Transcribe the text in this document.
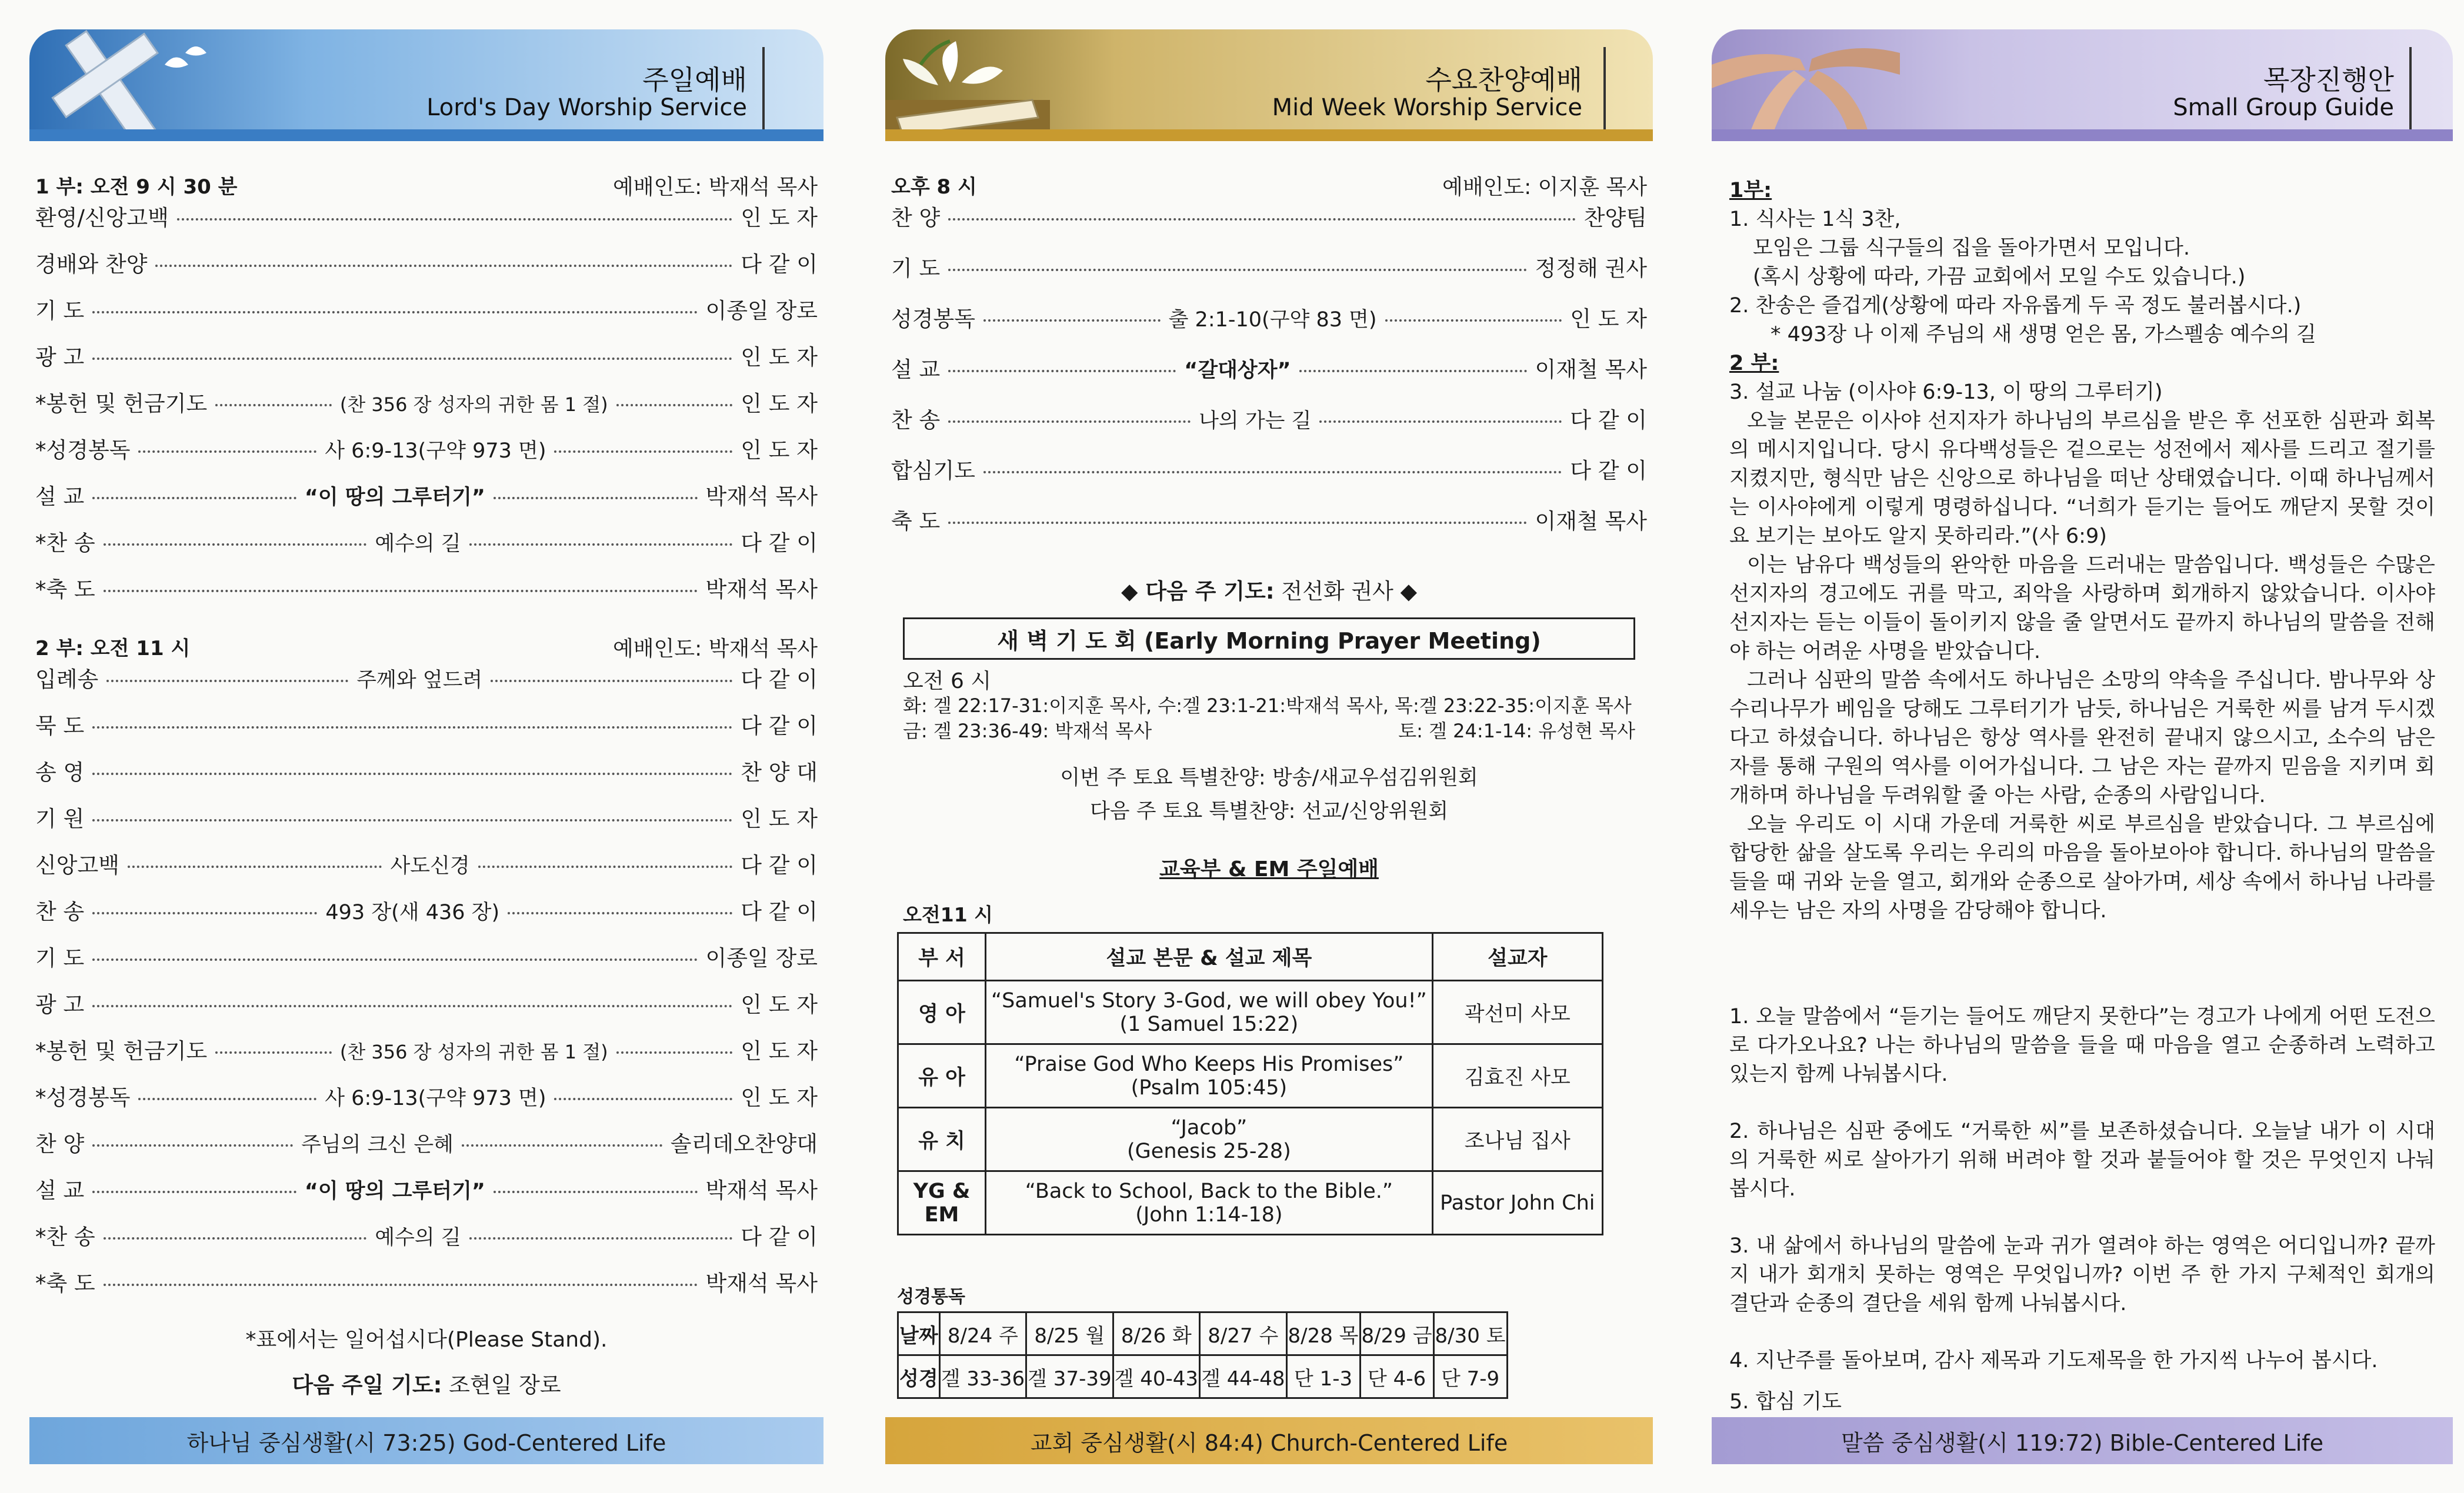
주일예배
Lord's Day Worship Service
1 부: 오전 9 시 30 분	예배인도: 박재석 목사
환영/신앙고백	인 도 자
경배와 찬양	다 같 이
기 도	이종일 장로
광 고	인 도 자
*봉헌 및 헌금기도	(찬 356 장 성자의 귀한 몸 1 절)	인 도 자
*성경봉독	사 6:9-13(구약 973 면)	인 도 자
설 교	“이 땅의 그루터기”	박재석 목사
*찬 송	예수의 길	다 같 이
*축 도	박재석 목사
2 부: 오전 11 시	예배인도: 박재석 목사
입례송	주께와 엎드려	다 같 이
묵 도	다 같 이
송 영	찬 양 대
기 원	인 도 자
신앙고백	사도신경	다 같 이
찬 송	493 장(새 436 장)	다 같 이
기 도	이종일 장로
광 고	인 도 자
*봉헌 및 헌금기도	(찬 356 장 성자의 귀한 몸 1 절)	인 도 자
*성경봉독	사 6:9-13(구약 973 면)	인 도 자
찬 양	주님의 크신 은혜	솔리데오찬양대
설 교	“이 땅의 그루터기”	박재석 목사
*찬 송	예수의 길	다 같 이
*축 도	박재석 목사
*표에서는 일어섭시다(Please Stand).
다음 주일 기도: 조현일 장로
하나님 중심생활(시 73:25) God-Centered Life
수요찬양예배
Mid Week Worship Service
오후 8 시	예배인도: 이지훈 목사
찬 양	찬양팀
기 도	정정해 권사
성경봉독	출 2:1-10(구약 83 면)	인 도 자
설 교	“갈대상자”	이재철 목사
찬 송	나의 가는 길	다 같 이
합심기도	다 같 이
축 도	이재철 목사
◆ 다음 주 기도: 전선화 권사 ◆
새 벽 기 도 회 (Early Morning Prayer Meeting)
오전 6 시
화: 겔 22:17-31:이지훈 목사, 수:겔 23:1-21:박재석 목사, 목:겔 23:22-35:이지훈 목사
금: 겔 23:36-49: 박재석 목사	토: 겔 24:1-14: 유성현 목사
이번 주 토요 특별찬양: 방송/새교우섬김위원회
다음 주 토요 특별찬양: 선교/신앙위원회
교육부 & EM 주일예배
오전11 시
부 서	설교 본문 & 설교 제목	설교자
영 아	“Samuel's Story 3-God, we will obey You!”
(1 Samuel 15:22)	곽선미 사모
유 아	“Praise God Who Keeps His Promises”
(Psalm 105:45)	김효진 사모
유 치	“Jacob”
(Genesis 25-28)	조나님 집사
YG & EM	“Back to School, Back to the Bible.”
(John 1:14-18)	Pastor John Chi
성경통독
날짜	8/24 주	8/25 월	8/26 화	8/27 수	8/28 목	8/29 금	8/30 토
성경	겔 33-36	겔 37-39	겔 40-43	겔 44-48	단 1-3	단 4-6	단 7-9
교회 중심생활(시 84:4) Church-Centered Life
목장진행안
Small Group Guide
1부:
1. 식사는 1식 3찬,
모임은 그룹 식구들의 집을 돌아가면서 모입니다.
(혹시 상황에 따라, 가끔 교회에서 모일 수도 있습니다.)
2. 찬송은 즐겁게(상황에 따라 자유롭게 두 곡 정도 불러봅시다.)
* 493장 나 이제 주님의 새 생명 얻은 몸, 가스펠송 예수의 길
2 부:
3. 설교 나눔 (이사야 6:9-13, 이 땅의 그루터기)
오늘 본문은 이사야 선지자가 하나님의 부르심을 받은 후 선포한 심판과 회복의 메시지입니다. 당시 유다백성들은 겉으로는 성전에서 제사를 드리고 절기를 지켰지만, 형식만 남은 신앙으로 하나님을 떠난 상태였습니다. 이때 하나님께서는 이사야에게 이렇게 명령하십니다. “너희가 듣기는 들어도 깨닫지 못할 것이요 보기는 보아도 알지 못하리라.”(사 6:9)
이는 남유다 백성들의 완악한 마음을 드러내는 말씀입니다. 백성들은 수많은 선지자의 경고에도 귀를 막고, 죄악을 사랑하며 회개하지 않았습니다. 이사야 선지자는 듣는 이들이 돌이키지 않을 줄 알면서도 끝까지 하나님의 말씀을 전해야 하는 어려운 사명을 받았습니다.
그러나 심판의 말씀 속에서도 하나님은 소망의 약속을 주십니다. 밤나무와 상수리나무가 베임을 당해도 그루터기가 남듯, 하나님은 거룩한 씨를 남겨 두시겠다고 하셨습니다. 하나님은 항상 역사를 완전히 끝내지 않으시고, 소수의 남은 자를 통해 구원의 역사를 이어가십니다. 그 남은 자는 끝까지 믿음을 지키며 회개하며 하나님을 두려워할 줄 아는 사람, 순종의 사람입니다.
오늘 우리도 이 시대 가운데 거룩한 씨로 부르심을 받았습니다. 그 부르심에 합당한 삶을 살도록 우리는 우리의 마음을 돌아보아야 합니다. 하나님의 말씀을 들을 때 귀와 눈을 열고, 회개와 순종으로 살아가며, 세상 속에서 하나님 나라를 세우는 남은 자의 사명을 감당해야 합니다.
1. 오늘 말씀에서 “듣기는 들어도 깨닫지 못한다”는 경고가 나에게 어떤 도전으로 다가오나요? 나는 하나님의 말씀을 들을 때 마음을 열고 순종하려 노력하고 있는지 함께 나눠봅시다.
2. 하나님은 심판 중에도 “거룩한 씨”를 보존하셨습니다. 오늘날 내가 이 시대의 거룩한 씨로 살아가기 위해 버려야 할 것과 붙들어야 할 것은 무엇인지 나눠봅시다.
3. 내 삶에서 하나님의 말씀에 눈과 귀가 열려야 하는 영역은 어디입니까? 끝까지 내가 회개치 못하는 영역은 무엇입니까? 이번 주 한 가지 구체적인 회개의 결단과 순종의 결단을 세워 함께 나눠봅시다.
4. 지난주를 돌아보며, 감사 제목과 기도제목을 한 가지씩 나누어 봅시다.
5. 합심 기도
말씀 중심생활(시 119:72) Bible-Centered Life
